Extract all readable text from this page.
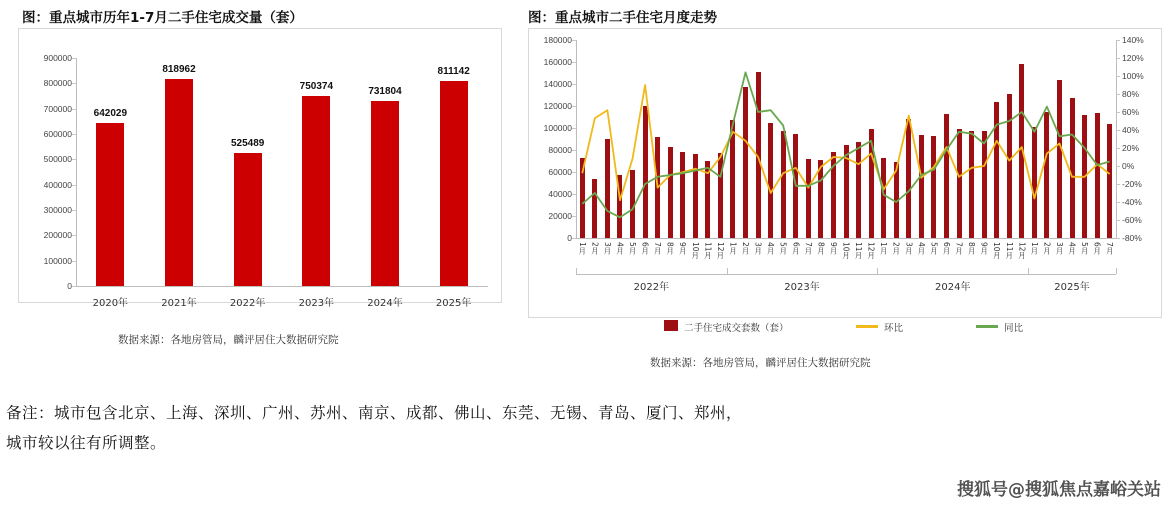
图：重点城市历年1-7月二手住宅成交量（套）
0
100000
200000
300000
400000
500000
600000
700000
800000
900000
642029
2020年
818962
2021年
525489
2022年
750374
2023年
731804
2024年
811142
2025年
数据来源：各地房管局，麟评居住大数据研究院
图：重点城市二手住宅月度走势
0
20000
40000
60000
80000
100000
120000
140000
160000
180000
-80%
-60%
-40%
-20%
0%
20%
40%
60%
80%
100%
120%
140%
1月 2月 3月 4月 5月 6月 7月 8月 9月 10月 11月 12月 1月 2月 3月 4月 5月 6月 7月 8月 9月 10月 11月 12月 1月 2月 3月 4月 5月 6月 7月 8月 9月 10月 11月 12月 1月 2月 3月 4月 5月 6月 7月
2022年	2023年	2024年	2025年
二手住宅成交套数（套）	环比	同比
数据来源：各地房管局，麟评居住大数据研究院
备注：城市包含北京、上海、深圳、广州、苏州、南京、成都、佛山、东莞、无锡、青岛、厦门、郑州，
城市较以往有所调整。
搜狐号@搜狐焦点嘉峪关站
